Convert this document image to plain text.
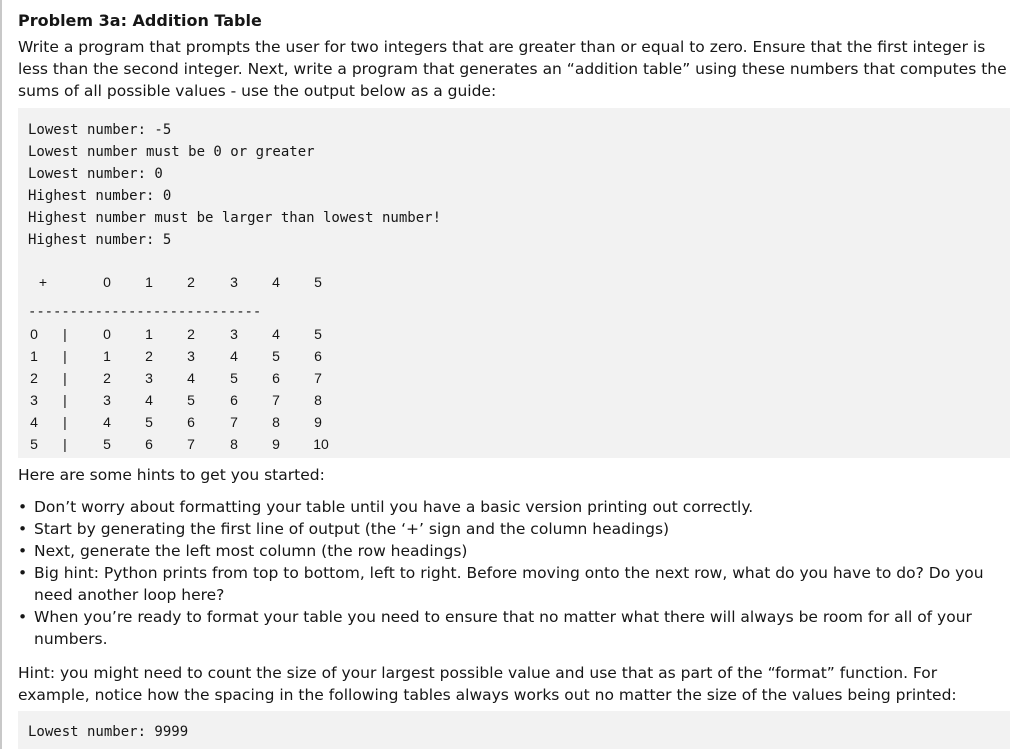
Problem 3a: Addition Table
Write a program that prompts the user for two integers that are greater than or equal to zero. Ensure that the first integer is less than the second integer. Next, write a program that generates an “addition table” using these numbers that computes the sums of all possible values - use the output below as a guide:
Lowest number: -5
Lowest number must be 0 or greater
Lowest number: 0
Highest number: 0
Highest number must be larger than lowest number!
Highest number: 5
+	0	1	2	3	4	5
----------------------------
0	|	0	1	2	3	4	5
1	|	1	2	3	4	5	6
2	|	2	3	4	5	6	7
3	|	3	4	5	6	7	8
4	|	4	5	6	7	8	9
5	|	5	6	7	8	9	10
Here are some hints to get you started:
• Don’t worry about formatting your table until you have a basic version printing out correctly.
• Start by generating the first line of output (the ‘+’ sign and the column headings)
• Next, generate the left most column (the row headings)
• Big hint: Python prints from top to bottom, left to right. Before moving onto the next row, what do you have to do? Do you need another loop here?
• When you’re ready to format your table you need to ensure that no matter what there will always be room for all of your numbers.
Hint: you might need to count the size of your largest possible value and use that as part of the “format” function. For example, notice how the spacing in the following tables always works out no matter the size of the values being printed:
Lowest number: 9999
